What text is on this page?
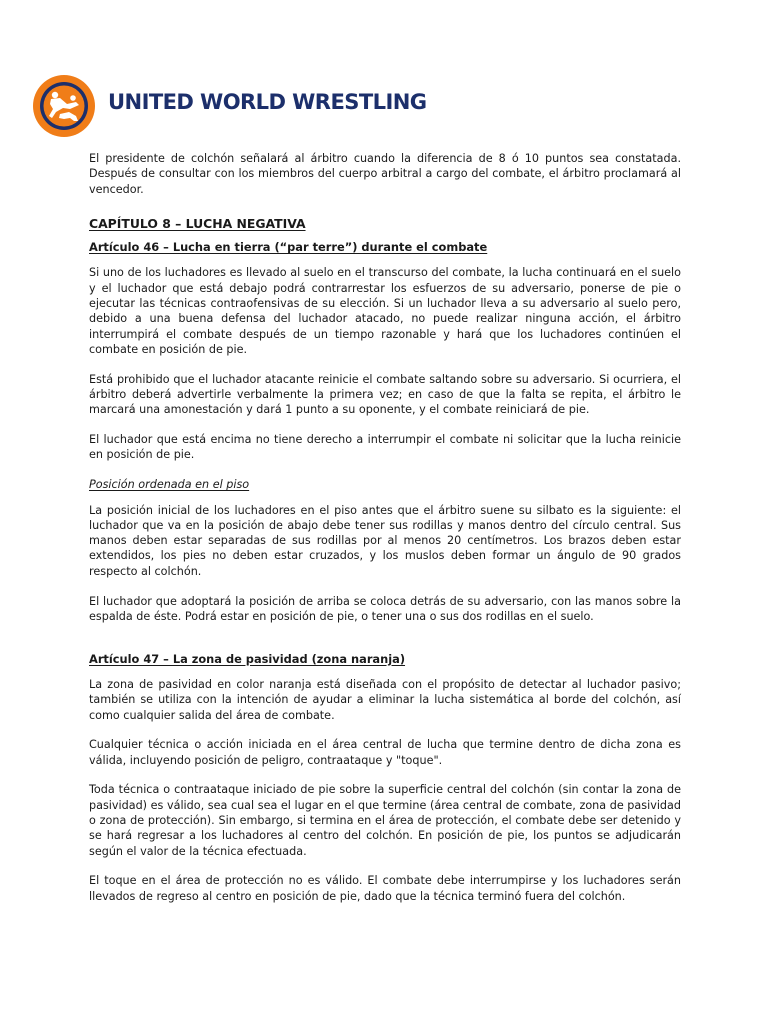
UNITED WORLD WRESTLING

El presidente de colchón señalará al árbitro cuando la diferencia de 8 ó 10 puntos sea constatada. Después de consultar con los miembros del cuerpo arbitral a cargo del combate, el árbitro proclamará al vencedor.

CAPÍTULO 8 – LUCHA NEGATIVA
Artículo 46 – Lucha en tierra (“par terre”) durante el combate

Si uno de los luchadores es llevado al suelo en el transcurso del combate, la lucha continuará en el suelo y el luchador que está debajo podrá contrarrestar los esfuerzos de su adversario, ponerse de pie o ejecutar las técnicas contraofensivas de su elección. Si un luchador lleva a su adversario al suelo pero, debido a una buena defensa del luchador atacado, no puede realizar ninguna acción, el árbitro interrumpirá el combate después de un tiempo razonable y hará que los luchadores continúen el combate en posición de pie.

Está prohibido que el luchador atacante reinicie el combate saltando sobre su adversario. Si ocurriera, el árbitro deberá advertirle verbalmente la primera vez; en caso de que la falta se repita, el árbitro le marcará una amonestación y dará 1 punto a su oponente, y el combate reiniciará de pie.

El luchador que está encima no tiene derecho a interrumpir el combate ni solicitar que la lucha reinicie en posición de pie.

Posición ordenada en el piso

La posición inicial de los luchadores en el piso antes que el árbitro suene su silbato es la siguiente: el luchador que va en la posición de abajo debe tener sus rodillas y manos dentro del círculo central. Sus manos deben estar separadas de sus rodillas por al menos 20 centímetros. Los brazos deben estar extendidos, los pies no deben estar cruzados, y los muslos deben formar un ángulo de 90 grados respecto al colchón.

El luchador que adoptará la posición de arriba se coloca detrás de su adversario, con las manos sobre la espalda de éste. Podrá estar en posición de pie, o tener una o sus dos rodillas en el suelo.

Artículo 47 – La zona de pasividad (zona naranja)

La zona de pasividad en color naranja está diseñada con el propósito de detectar al luchador pasivo; también se utiliza con la intención de ayudar a eliminar la lucha sistemática al borde del colchón, así como cualquier salida del área de combate.

Cualquier técnica o acción iniciada en el área central de lucha que termine dentro de dicha zona es válida, incluyendo posición de peligro, contraataque y "toque".

Toda técnica o contraataque iniciado de pie sobre la superficie central del colchón (sin contar la zona de pasividad) es válido, sea cual sea el lugar en el que termine (área central de combate, zona de pasividad o zona de protección). Sin embargo, si termina en el área de protección, el combate debe ser detenido y se hará regresar a los luchadores al centro del colchón. En posición de pie, los puntos se adjudicarán según el valor de la técnica efectuada.

El toque en el área de protección no es válido. El combate debe interrumpirse y los luchadores serán llevados de regreso al centro en posición de pie, dado que la técnica terminó fuera del colchón.
